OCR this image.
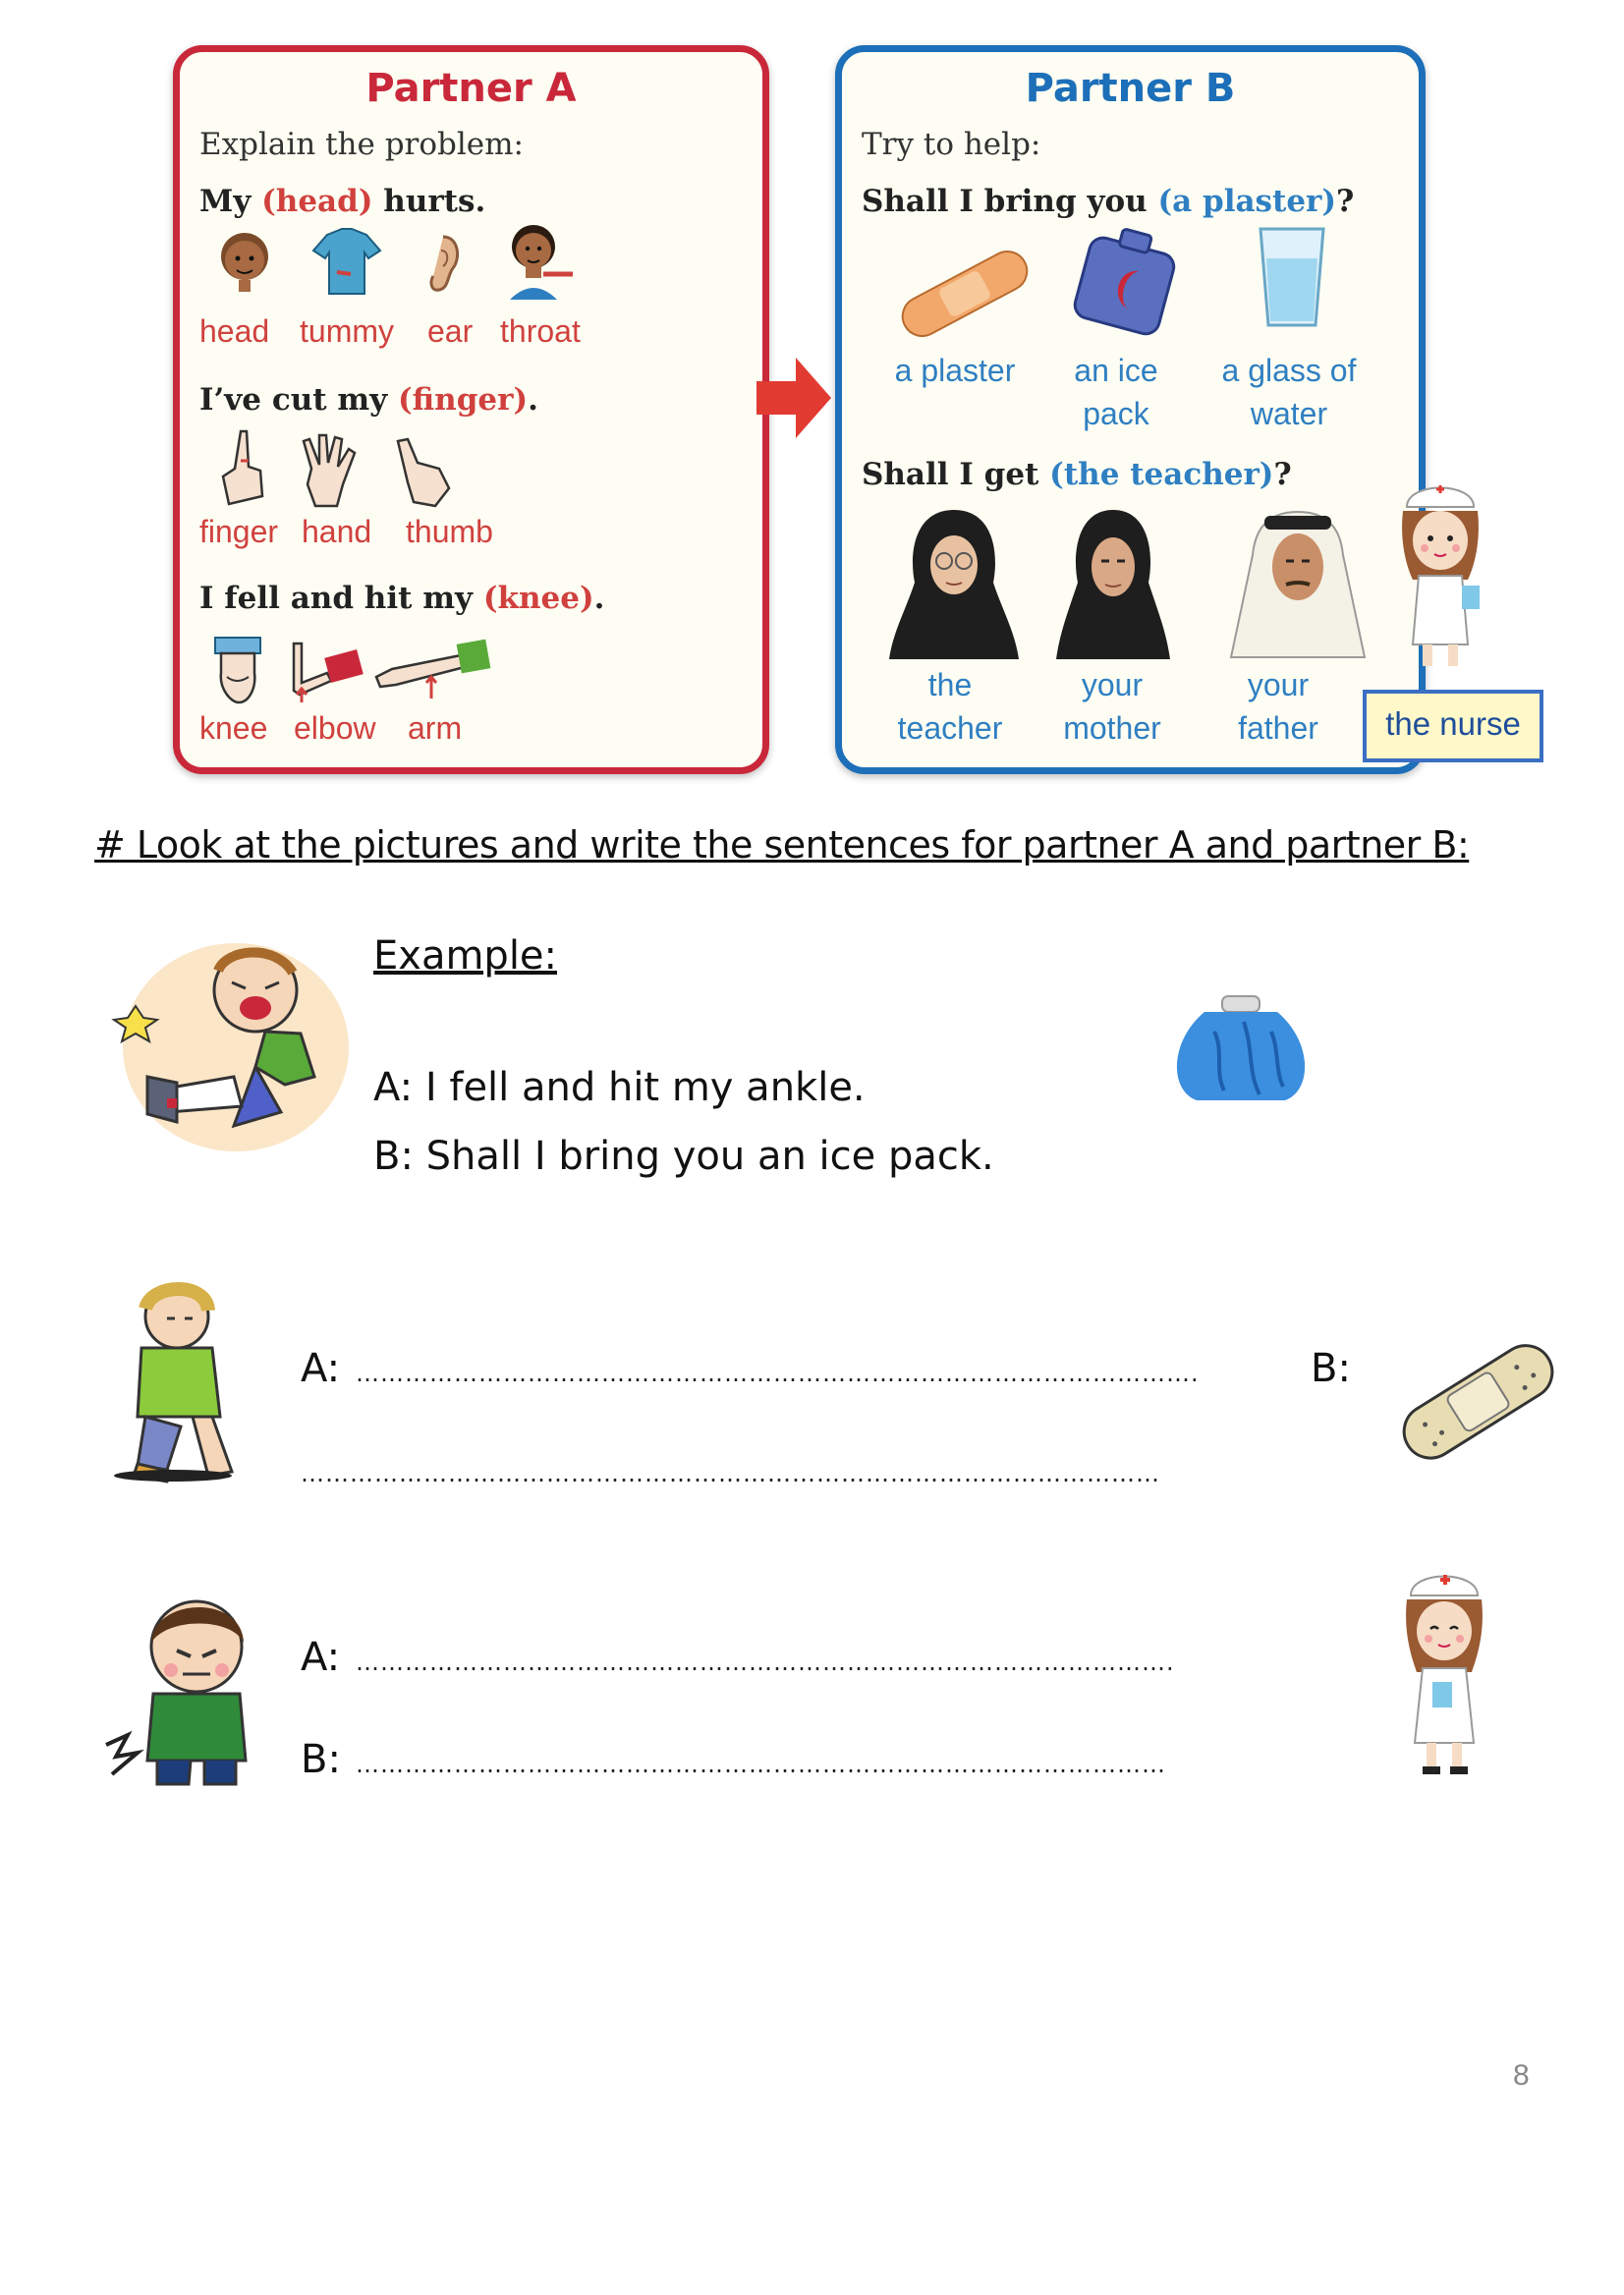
Partner A
Explain the problem:
My (head) hurts.
head tummy ear throat
I’ve cut my (finger).
finger hand thumb
I fell and hit my (knee).
knee elbow arm
Partner B
Try to help:
Shall I bring you (a plaster)?
a plaster	an ice
pack
a glass of
water
Shall I get (the teacher)?
the
teacher
your
mother
your
father	the nurse
# Look at the pictures and write the sentences for partner A and partner B:
Example:
A: I fell and hit my ankle.
B: Shall I bring you an ice pack.
A: ………………………………………………………………………………………….	B:
……………………………………………………………………………………………
A: ……………………………………………………………………………………….
B: ………………………………………………………………………………………
8
